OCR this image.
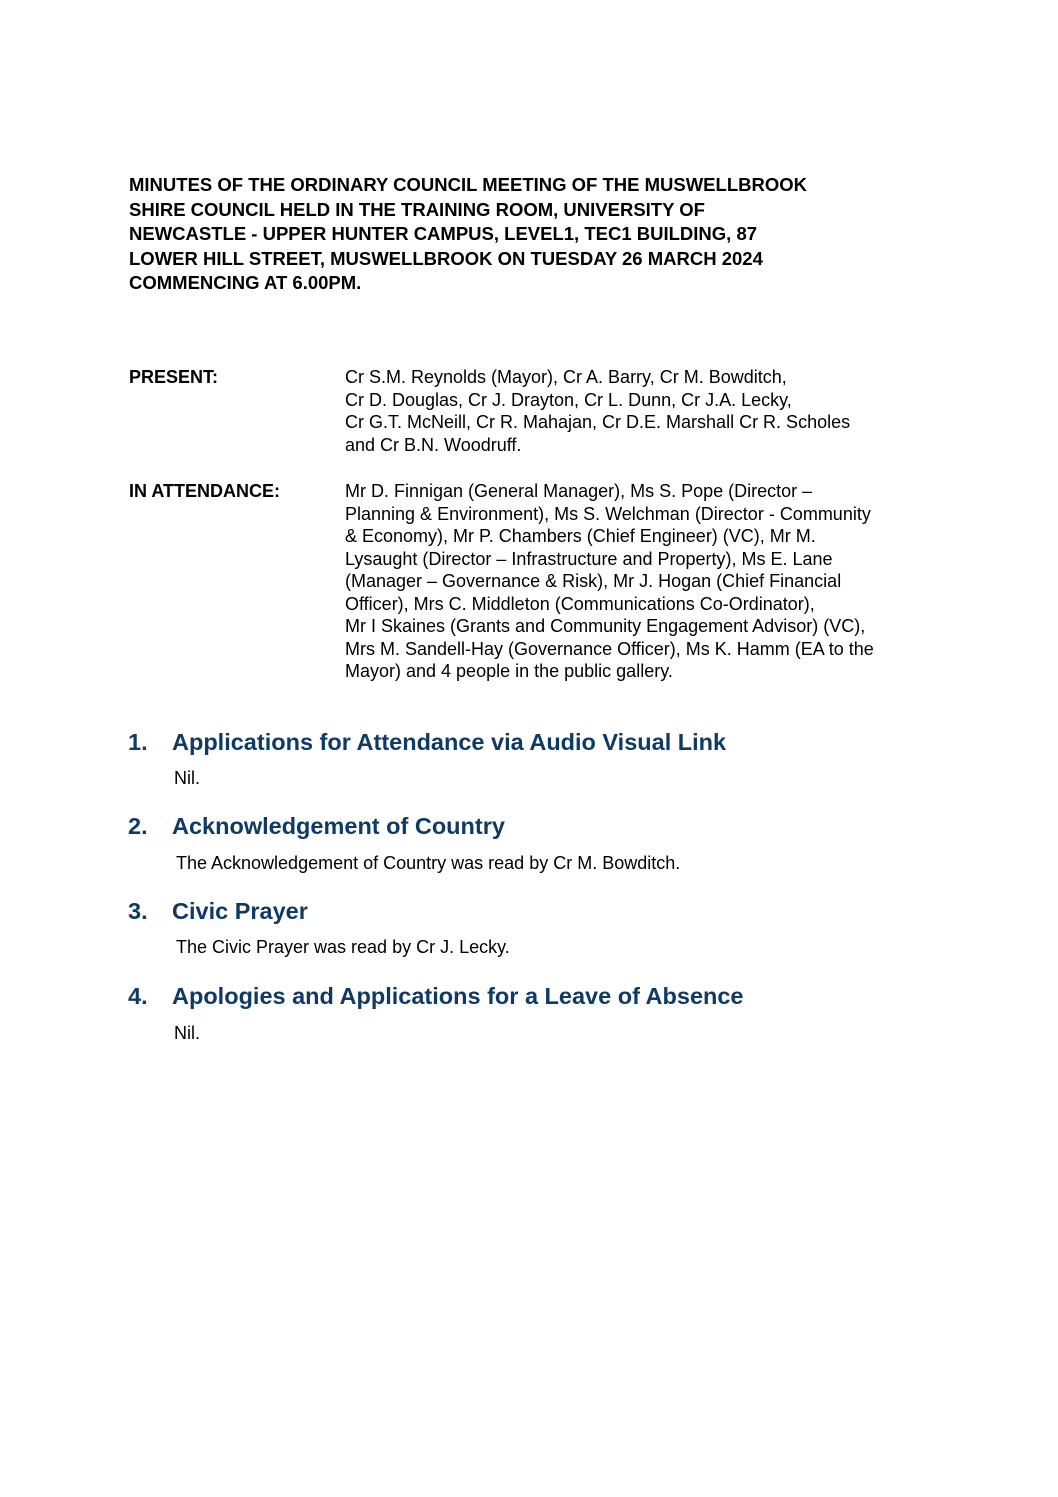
MINUTES OF THE ORDINARY COUNCIL MEETING OF THE MUSWELLBROOK
SHIRE COUNCIL HELD IN THE TRAINING ROOM, UNIVERSITY OF
NEWCASTLE - UPPER HUNTER CAMPUS, LEVEL1, TEC1 BUILDING, 87
LOWER HILL STREET, MUSWELLBROOK ON TUESDAY 26 MARCH 2024
COMMENCING AT 6.00PM.

PRESENT:	Cr S.M. Reynolds (Mayor), Cr A. Barry, Cr M. Bowditch,
Cr D. Douglas, Cr J. Drayton, Cr L. Dunn, Cr J.A. Lecky,
Cr G.T. McNeill, Cr R. Mahajan, Cr D.E. Marshall Cr R. Scholes
and Cr B.N. Woodruff.
IN ATTENDANCE:	Mr D. Finnigan (General Manager), Ms S. Pope (Director –
Planning & Environment), Ms S. Welchman (Director - Community
& Economy), Mr P. Chambers (Chief Engineer) (VC), Mr M.
Lysaught (Director – Infrastructure and Property), Ms E. Lane
(Manager – Governance & Risk), Mr J. Hogan (Chief Financial
Officer), Mrs C. Middleton (Communications Co-Ordinator),
Mr I Skaines (Grants and Community Engagement Advisor) (VC),
Mrs M. Sandell-Hay (Governance Officer), Ms K. Hamm (EA to the
Mayor) and 4 people in the public gallery.
1. Applications for Attendance via Audio Visual Link
Nil.
2. Acknowledgement of Country
The Acknowledgement of Country was read by Cr M. Bowditch.
3. Civic Prayer
The Civic Prayer was read by Cr J. Lecky.
4. Apologies and Applications for a Leave of Absence
Nil.
